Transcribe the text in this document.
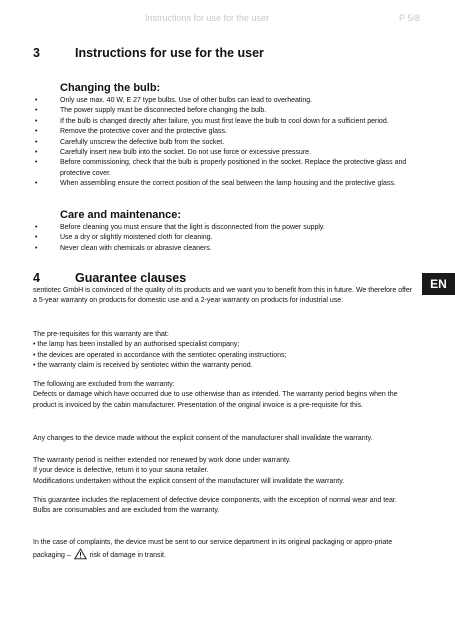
Instructions for use for the user	P 5/8
3	Instructions for use for the user
Changing the bulb:
•	Only use max. 40 W, E 27 type bulbs. Use of other bulbs can lead to overheating.
•	The power supply must be disconnected before changing the bulb.
•	If the bulb is changed directly after failure, you must first leave the bulb to cool down for a sufficient period.
•	Remove the protective cover and the protective glass.
•	Carefully unscrew the defective bulb from the socket.
•	Carefully insert new bulb into the socket. Do not use force or excessive pressure.
•	Before commissioning, check that the bulb is properly positioned in the socket. Replace the protective glass and protective cover.
•	When assembling ensure the correct position of the seal between the lamp housing and the protective glass.
Care and maintenance:
•	Before cleaning you must ensure that the light is disconnected from the power supply.
•	Use a dry or slightly moistened cloth for cleaning.
•	Never clean with chemicals or abrasive cleaners.
4	Guarantee clauses	EN

sentiotec GmbH is convinced of the quality of its products and we want you to benefit from this in future. We therefore offer a 5-year warranty on products for domestic use and a 2-year warranty on products for industrial use.

The pre-requisites for this warranty are that:

• the lamp has been installed by an authorised specialist company;

• the devices are operated in accordance with the sentiotec operating instructions;

• the warranty claim is received by sentiotec within the warranty period.

The following are excluded from the warranty:

Defects or damage which have occurred due to use otherwise than as intended. The warranty period begins when the product is invoiced by the cabin manufacturer. Presentation of the original invoice is a pre-requisite for this.

Any changes to the device made without the explicit consent of the manufacturer shall invalidate the warranty.

The warranty period is neither extended nor renewed by work done under warranty.

If your device is defective, return it to your sauna retailer.

Modifications undertaken without the explicit consent of the manufacturer will invalidate the warranty.

This guarantee includes the replacement of defective device components, with the exception of normal wear and tear.

Bulbs are consumables and are excluded from the warranty.

In the case of complaints, the device must be sent to our service department in its original packaging or appro-priate packaging –	risk of damage in transit.
